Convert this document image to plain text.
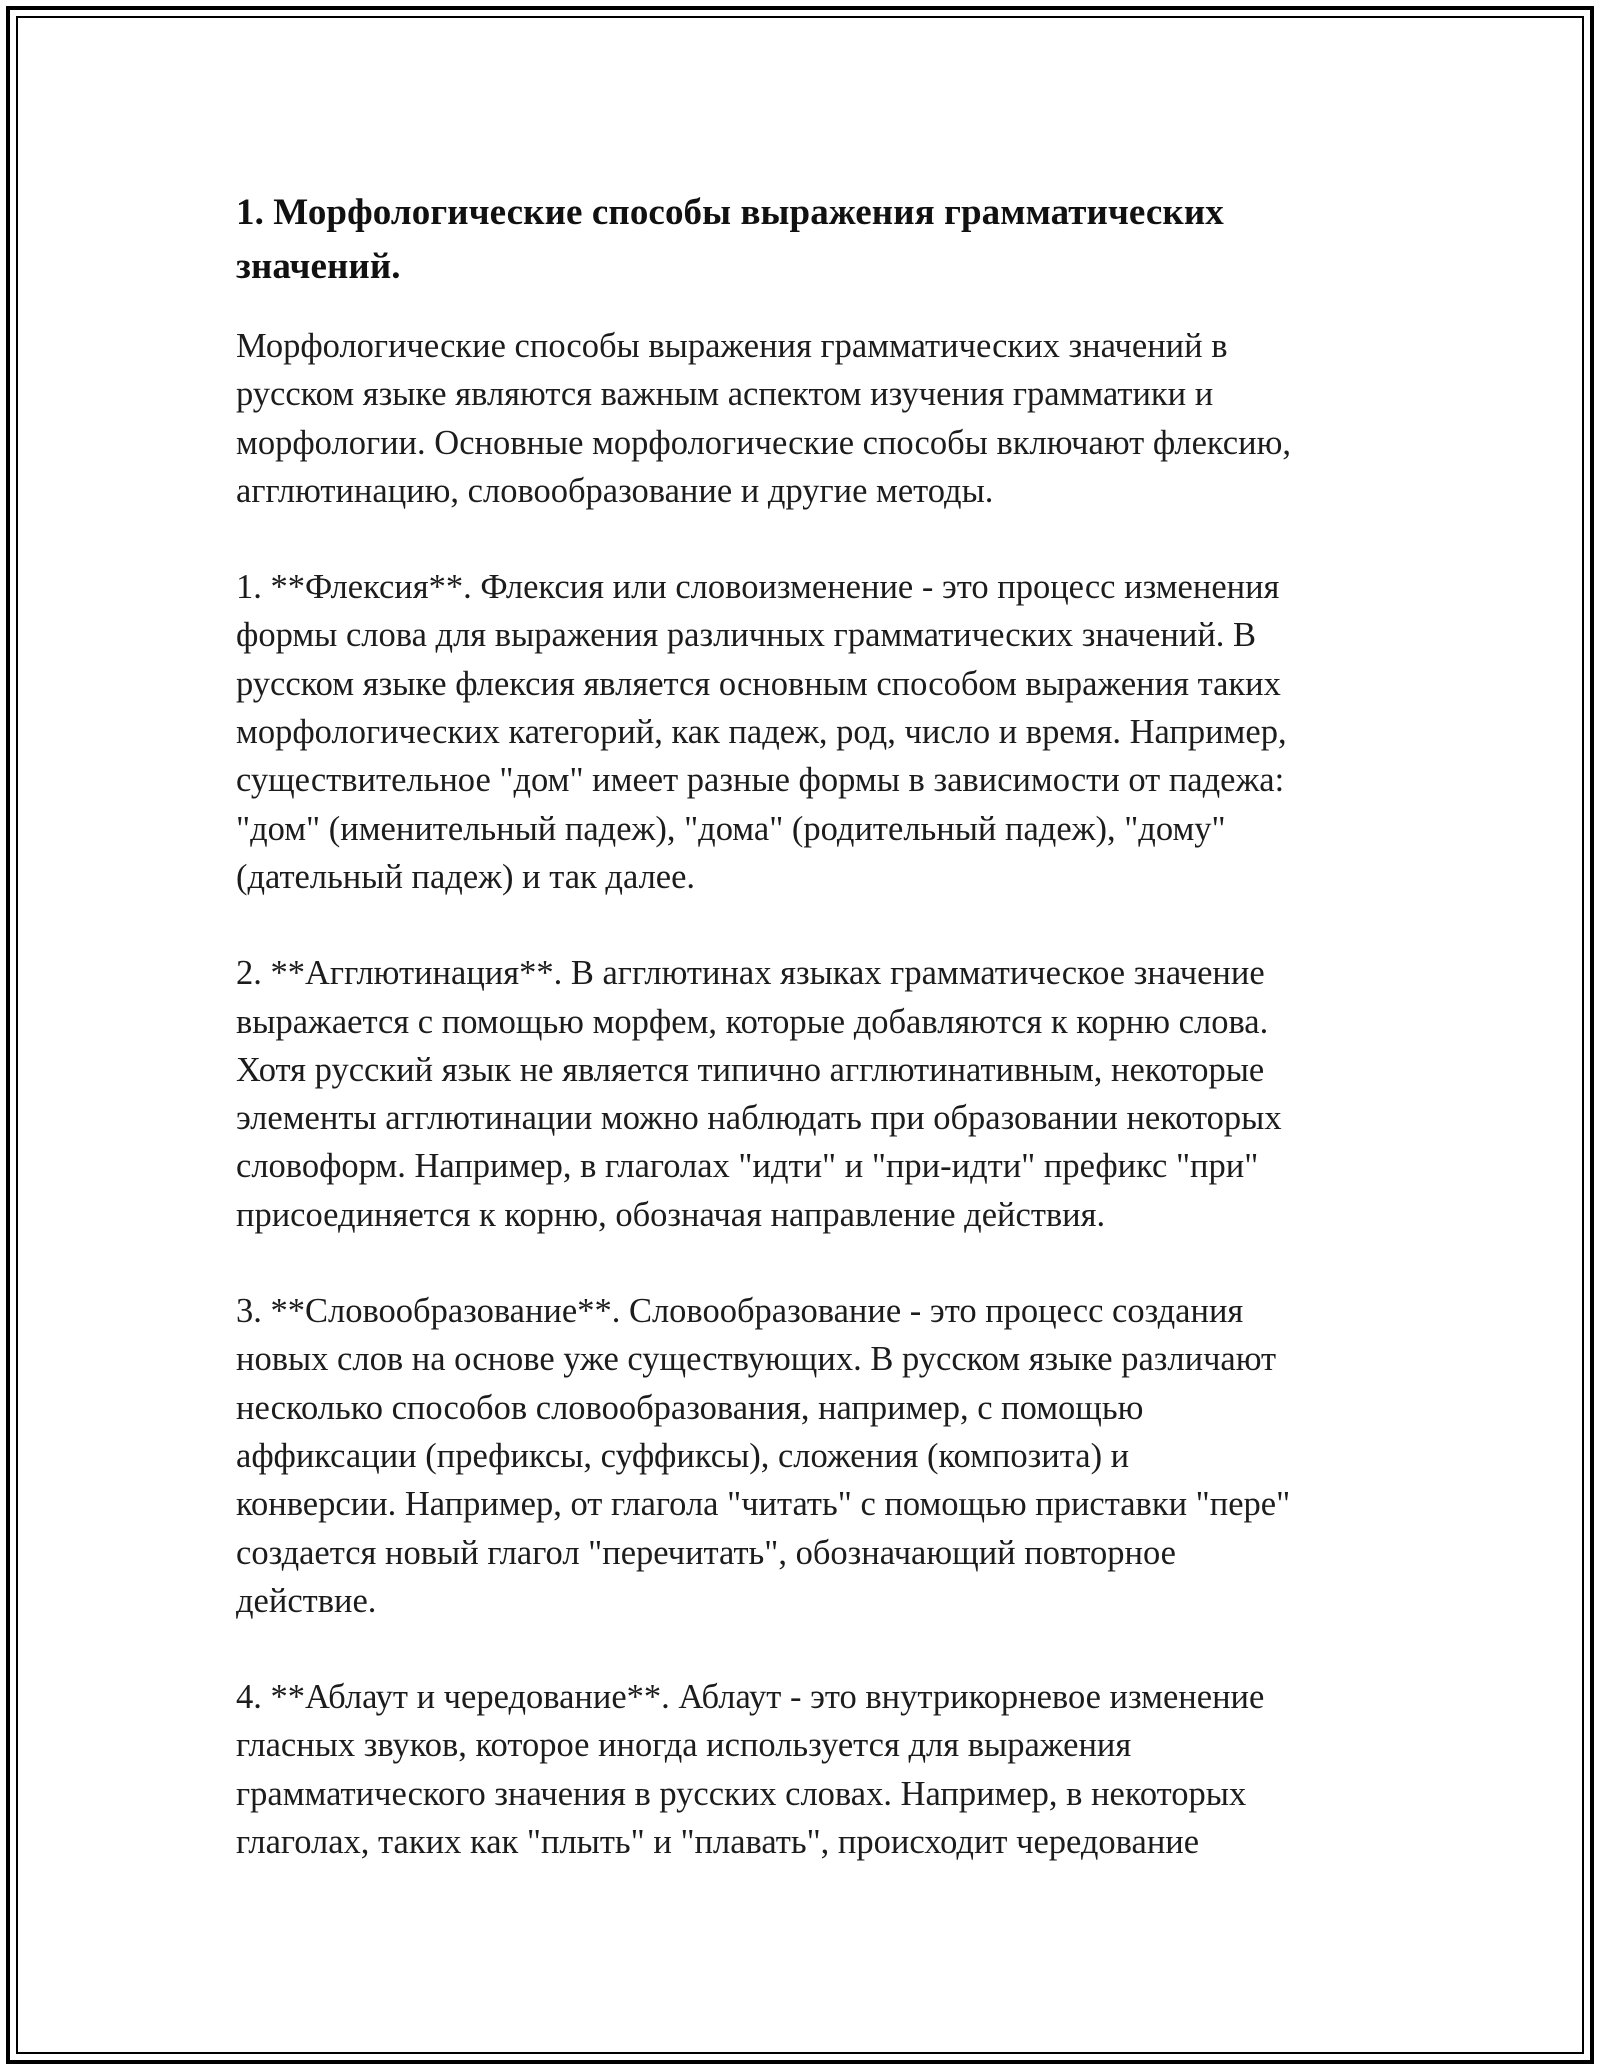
1. Морфологические способы выражения грамматических значений.

Морфологические способы выражения грамматических значений в
русском языке являются важным аспектом изучения грамматики и
морфологии. Основные морфологические способы включают флексию,
агглютинацию, словообразование и другие методы.

1. **Флексия**. Флексия или словоизменение - это процесс изменения
формы слова для выражения различных грамматических значений. В
русском языке флексия является основным способом выражения таких
морфологических категорий, как падеж, род, число и время. Например,
существительное "дом" имеет разные формы в зависимости от падежа:
"дом" (именительный падеж), "дома" (родительный падеж), "дому"
(дательный падеж) и так далее.

2. **Агглютинация**. В агглютинах языках грамматическое значение
выражается с помощью морфем, которые добавляются к корню слова.
Хотя русский язык не является типично агглютинативным, некоторые
элементы агглютинации можно наблюдать при образовании некоторых
словоформ. Например, в глаголах "идти" и "при-идти" префикс "при"
присоединяется к корню, обозначая направление действия.

3. **Словообразование**. Словообразование - это процесс создания
новых слов на основе уже существующих. В русском языке различают
несколько способов словообразования, например, с помощью
аффиксации (префиксы, суффиксы), сложения (композита) и
конверсии. Например, от глагола "читать" с помощью приставки "пере"
создается новый глагол "перечитать", обозначающий повторное
действие.

4. **Аблаут и чередование**. Аблаут - это внутрикорневое изменение
гласных звуков, которое иногда используется для выражения
грамматического значения в русских словах. Например, в некоторых
глаголах, таких как "плыть" и "плавать", происходит чередование
